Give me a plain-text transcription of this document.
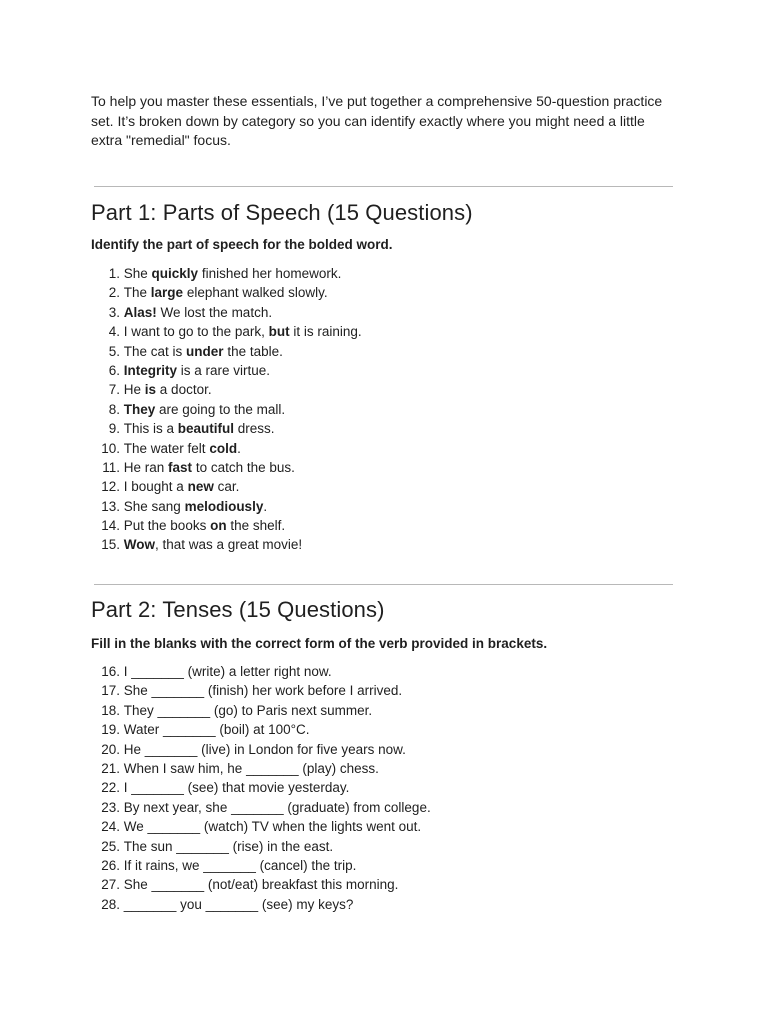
To help you master these essentials, I’ve put together a comprehensive 50-question practice
set. It’s broken down by category so you can identify exactly where you might need a little
extra "remedial" focus.

Part 1: Parts of Speech (15 Questions)

Identify the part of speech for the bolded word.

1. She quickly finished her homework.
2. The large elephant walked slowly.
3. Alas! We lost the match.
4. I want to go to the park, but it is raining.
5. The cat is under the table.
6. Integrity is a rare virtue.
7. He is a doctor.
8. They are going to the mall.
9. This is a beautiful dress.
10. The water felt cold.
11. He ran fast to catch the bus.
12. I bought a new car.
13. She sang melodiously.
14. Put the books on the shelf.
15. Wow, that was a great movie!
Part 2: Tenses (15 Questions)

Fill in the blanks with the correct form of the verb provided in brackets.

16. I _______ (write) a letter right now.
17. She _______ (finish) her work before I arrived.
18. They _______ (go) to Paris next summer.
19. Water _______ (boil) at 100°C.
20. He _______ (live) in London for five years now.
21. When I saw him, he _______ (play) chess.
22. I _______ (see) that movie yesterday.
23. By next year, she _______ (graduate) from college.
24. We _______ (watch) TV when the lights went out.
25. The sun _______ (rise) in the east.
26. If it rains, we _______ (cancel) the trip.
27. She _______ (not/eat) breakfast this morning.
28. _______ you _______ (see) my keys?
